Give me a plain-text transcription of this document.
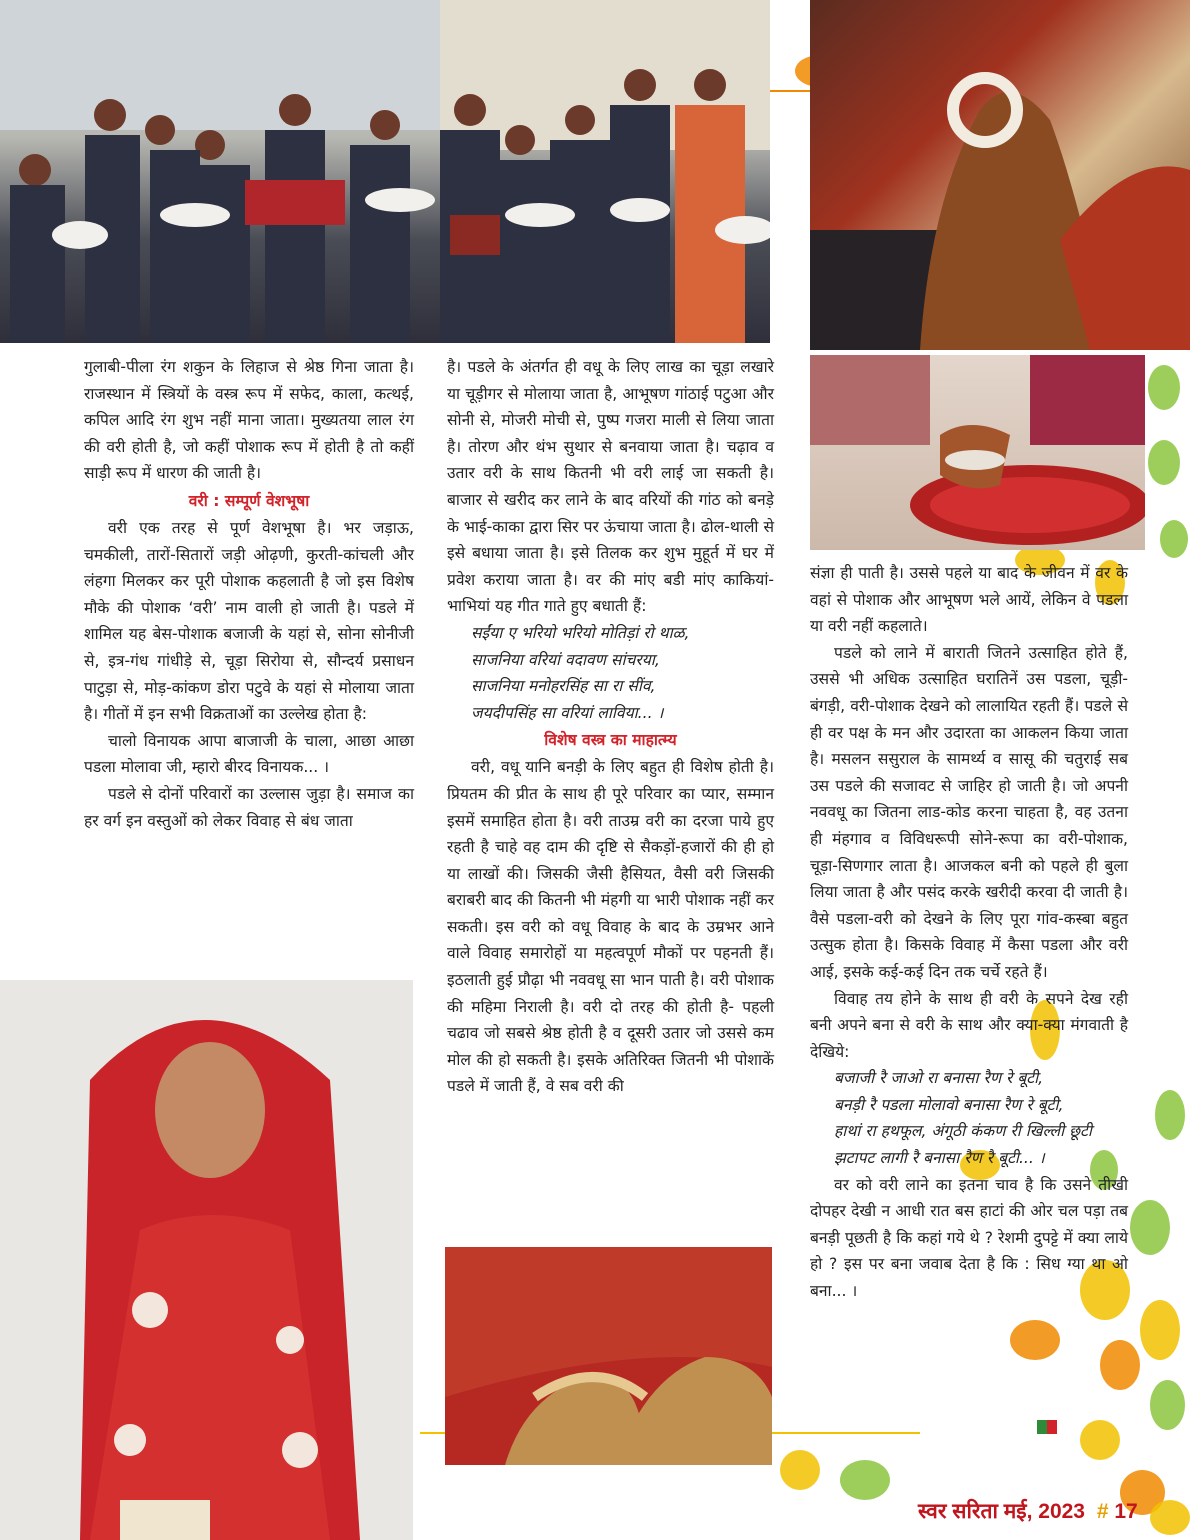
गुलाबी-पीला रंग शकुन के लिहाज से श्रेष्ठ गिना जाता है। राजस्थान में स्त्रियों के वस्त्र रूप में सफेद, काला, कत्थई, कपिल आदि रंग शुभ नहीं माना जाता। मुख्यतया लाल रंग की वरी होती है, जो कहीं पोशाक रूप में होती है तो कहीं साड़ी रूप में धारण की जाती है।

वरी : सम्पूर्ण वेशभूषा

वरी एक तरह से पूर्ण वेशभूषा है। भर जड़ाऊ, चमकीली, तारों-सितारों जड़ी ओढ़णी, कुरती-कांचली और लंहगा मिलकर कर पूरी पोशाक कहलाती है जो इस विशेष मौके की पोशाक ‘वरी’ नाम वाली हो जाती है। पडले में शामिल यह बेस-पोशाक बजाजी के यहां से, सोना सोनीजी से, इत्र-गंध गांधीड़े से, चूड़ा सिरोया से, सौन्दर्य प्रसाधन पाटुड़ा से, मोड़-कांकण डोरा पटुवे के यहां से मोलाया जाता है। गीतों में इन सभी विक्रताओं का उल्लेख होता है:

चालो विनायक आपा बाजाजी के चाला, आछा आछा पडला मोलावा जी, म्हारो बीरद विनायक... ।

पडले से दोनों परिवारों का उल्लास जुड़ा है। समाज का हर वर्ग इन वस्तुओं को लेकर विवाह से बंध जाता

है। पडले के अंतर्गत ही वधू के लिए लाख का चूड़ा लखारे या चूड़ीगर से मोलाया जाता है, आभूषण गांठाई पटुआ और सोनी से, मोजरी मोची से, पुष्प गजरा माली से लिया जाता है। तोरण और थंभ सुथार से बनवाया जाता है। चढ़ाव व उतार वरी के साथ कितनी भी वरी लाई जा सकती है। बाजार से खरीद कर लाने के बाद वरियों की गांठ को बनड़े के भाई-काका द्वारा सिर पर ऊंचाया जाता है। ढोल-थाली से इसे बधाया जाता है। इसे तिलक कर शुभ मुहूर्त में घर में प्रवेश कराया जाता है। वर की मांए बडी मांए काकियां-भाभियां यह गीत गाते हुए बधाती हैं:

सईंया ए भरियो भरियो मोतिड़ां रो थाळ,

साजनिया वरियां वदावण सांचरया,

साजनिया मनोहरसिंह सा रा सींव,

जयदीपसिंह सा वरियां लाविया... ।

विशेष वस्त्र का माहात्म्य

वरी, वधू यानि बनड़ी के लिए बहुत ही विशेष होती है। प्रियतम की प्रीत के साथ ही पूरे परिवार का प्यार, सम्मान इसमें समाहित होता है। वरी ताउम्र वरी का दरजा पाये हुए रहती है चाहे वह दाम की दृष्टि से सैकड़ों-हजारों की ही हो या लाखों की। जिसकी जैसी हैसियत, वैसी वरी जिसकी बराबरी बाद की कितनी भी मंहगी या भारी पोशाक नहीं कर सकती। इस वरी को वधू विवाह के बाद के उम्रभर आने वाले विवाह समारोहों या महत्वपूर्ण मौकों पर पहनती हैं। इठलाती हुई प्रौढ़ा भी नववधू सा भान पाती है। वरी पोशाक की महिमा निराली है। वरी दो तरह की होती है- पहली चढाव जो सबसे श्रेष्ठ होती है व दूसरी उतार जो उससे कम मोल की हो सकती है। इसके अतिरिक्त जितनी भी पोशाकें पडले में जाती हैं, वे सब वरी की

संज्ञा ही पाती है। उससे पहले या बाद के जीवन में वर के वहां से पोशाक और आभूषण भले आयें, लेकिन वे पडला या वरी नहीं कहलाते।

पडले को लाने में बाराती जितने उत्साहित होते हैं, उससे भी अधिक उत्साहित घरातिनें उस पडला, चूड़ी-बंगड़ी, वरी-पोशाक देखने को लालायित रहती हैं। पडले से ही वर पक्ष के मन और उदारता का आकलन किया जाता है। मसलन ससुराल के सामर्थ्य व सासू की चतुराई सब उस पडले की सजावट से जाहिर हो जाती है। जो अपनी नववधू का जितना लाड-कोड करना चाहता है, वह उतना ही मंहगाव व विविधरूपी सोने-रूपा का वरी-पोशाक, चूड़ा-सिणगार लाता है। आजकल बनी को पहले ही बुला लिया जाता है और पसंद करके खरीदी करवा दी जाती है। वैसे पडला-वरी को देखने के लिए पूरा गांव-कस्बा बहुत उत्सुक होता है। किसके विवाह में कैसा पडला और वरी आई, इसके कई-कई दिन तक चर्चे रहते हैं।

विवाह तय होने के साथ ही वरी के सपने देख रही बनी अपने बना से वरी के साथ और क्या-क्या मंगवाती है देखिये:

बजाजी रै जाओ रा बनासा रैण रे बूटी,

बनड़ी रै पडला मोलावो बनासा रैण रे बूटी,

हाथां रा हथफूल, अंगूठी कंकण री खिल्ली छूटी

झटापट लागी रै बनासा रैण रै बूटी... ।

वर को वरी लाने का इतना चाव है कि उसने तीखी दोपहर देखी न आधी रात बस हाटां की ओर चल पड़ा तब बनड़ी पूछती है कि कहां गये थे ? रेशमी दुपट्टे में क्या लाये हो ? इस पर बना जवाब देता है कि : सिध ग्या था ओ बना... ।

स्वर सरिता मई, 2023 # 17
